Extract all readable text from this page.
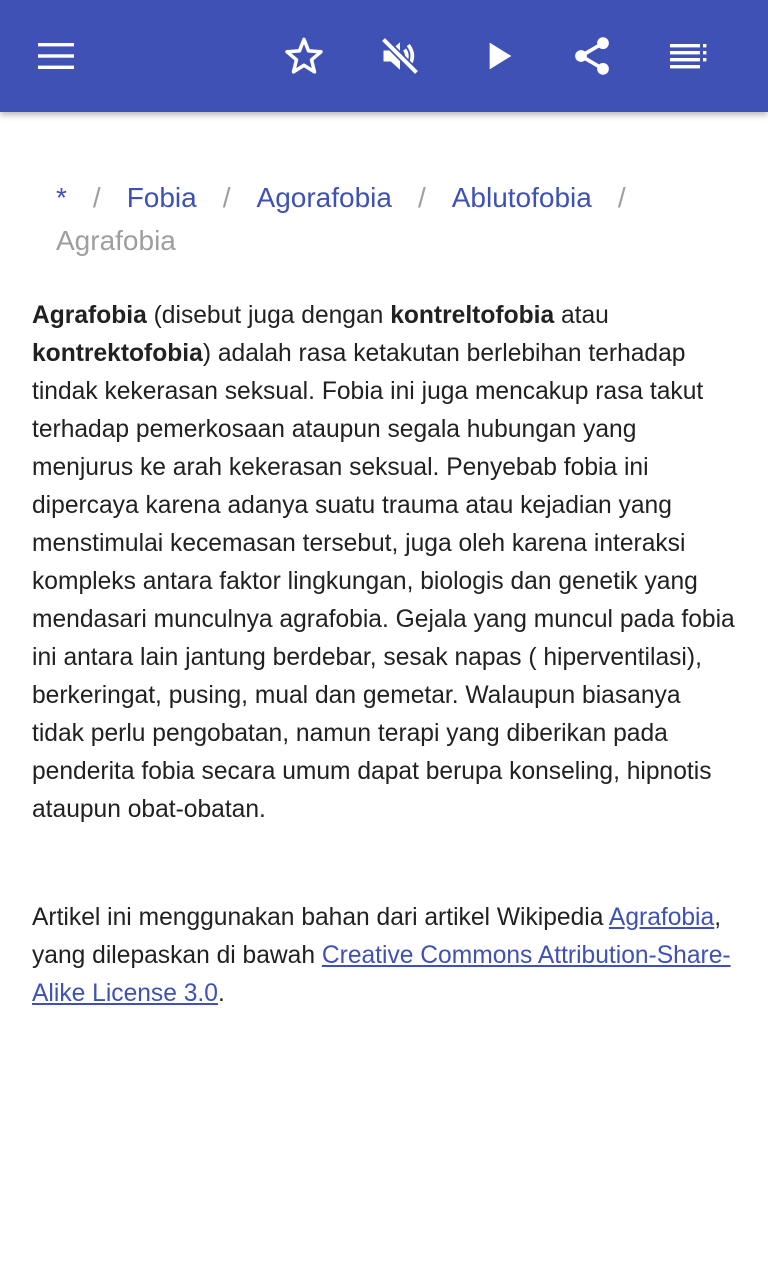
* / Fobia / Agorafobia / Ablutofobia /
Agrafobia

Agrafobia (disebut juga dengan kontreltofobia atau kontrektofobia) adalah rasa ketakutan berlebihan terhadap tindak kekerasan seksual. Fobia ini juga mencakup rasa takut terhadap pemerkosaan ataupun segala hubungan yang menjurus ke arah kekerasan seksual. Penyebab fobia ini dipercaya karena adanya suatu trauma atau kejadian yang menstimulai kecemasan tersebut, juga oleh karena interaksi kompleks antara faktor lingkungan, biologis dan genetik yang mendasari munculnya agrafobia. Gejala yang muncul pada fobia ini antara lain jantung berdebar, sesak napas ( hiperventilasi), berkeringat, pusing, mual dan gemetar. Walaupun biasanya tidak perlu pengobatan, namun terapi yang diberikan pada penderita fobia secara umum dapat berupa konseling, hipnotis ataupun obat-obatan.

Artikel ini menggunakan bahan dari artikel Wikipedia Agrafobia, yang dilepaskan di bawah Creative Commons Attribution-Share-Alike License 3.0.
